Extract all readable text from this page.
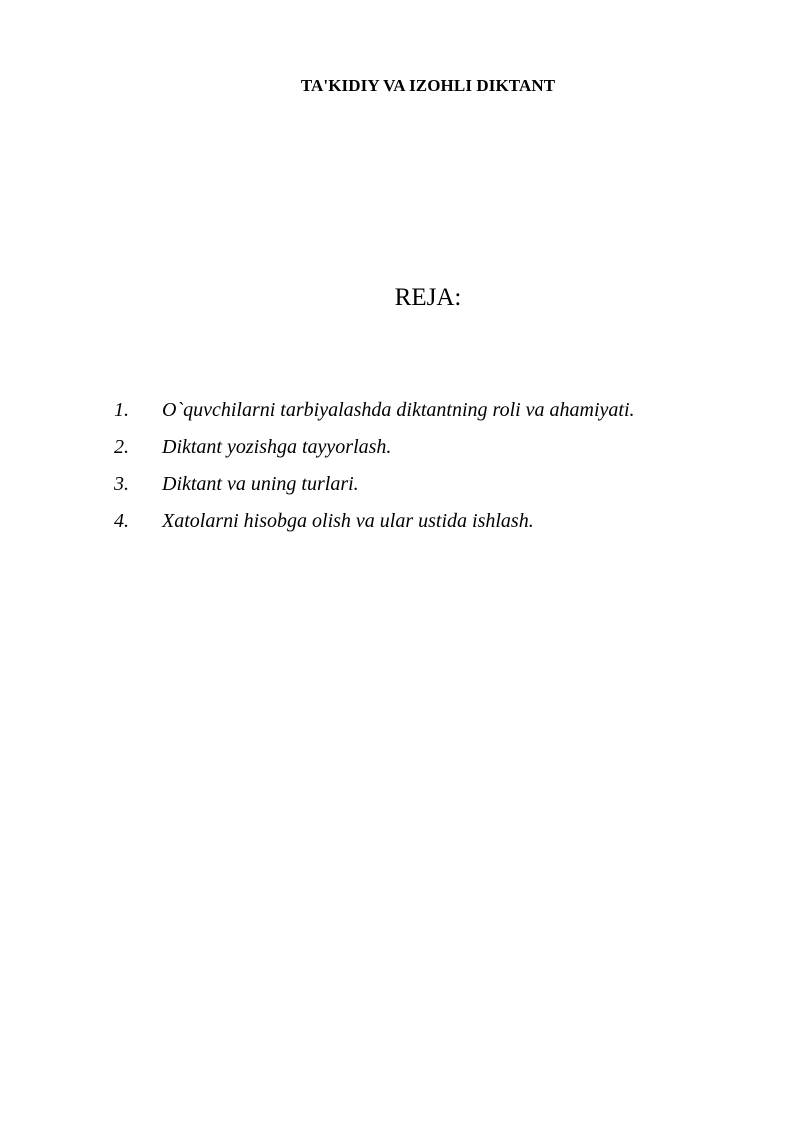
TA'KIDIY VA IZOHLI DIKTANT
REJA:
1. O`quvchilarni tarbiyalashda diktantning roli va ahamiyati.
2. Diktant yozishga tayyorlash.
3. Diktant va uning turlari.
4. Xatolarni hisobga olish va ular ustida ishlash.
